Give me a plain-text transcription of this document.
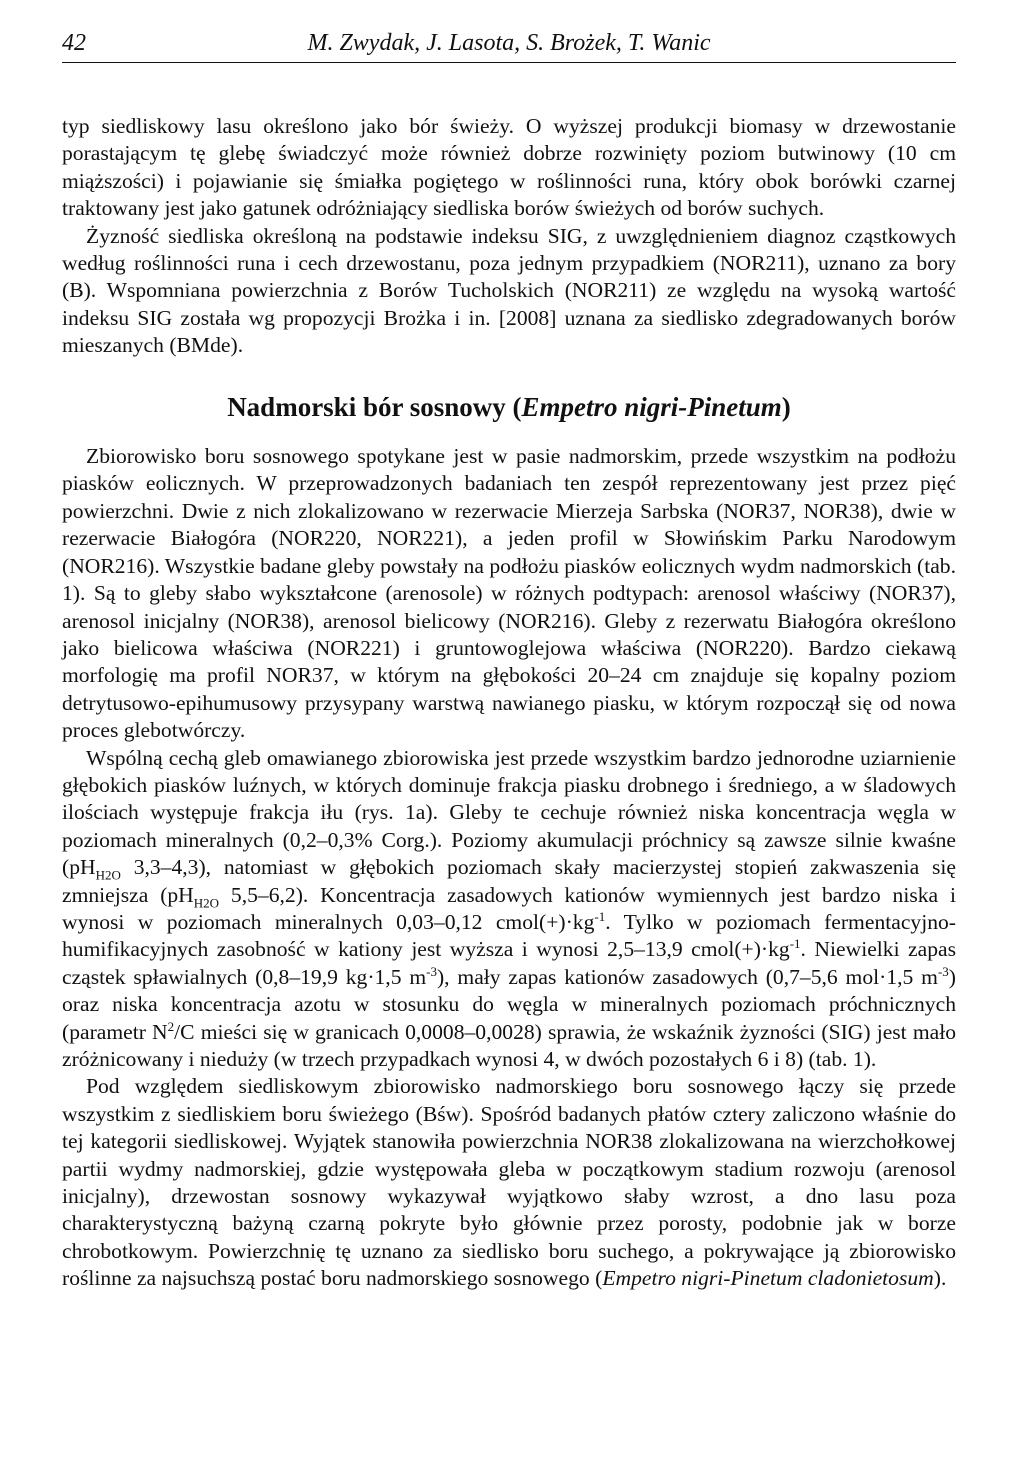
42	M. Zwydak, J. Lasota, S. Brożek, T. Wanic

typ siedliskowy lasu określono jako bór świeży. O wyższej produkcji biomasy w drzewostanie porastającym tę glebę świadczyć może również dobrze rozwinięty poziom butwinowy (10 cm miąższości) i pojawianie się śmiałka pogiętego w roślinności runa, który obok borówki czarnej traktowany jest jako gatunek odróżniający siedliska borów świeżych od borów suchych.

Żyzność siedliska określoną na podstawie indeksu SIG, z uwzględnieniem diagnoz cząstkowych według roślinności runa i cech drzewostanu, poza jednym przypadkiem (NOR211), uznano za bory (B). Wspomniana powierzchnia z Borów Tucholskich (NOR211) ze względu na wysoką wartość indeksu SIG została wg propozycji Brożka i in. [2008] uznana za siedlisko zdegradowanych borów mieszanych (BMde).

Nadmorski bór sosnowy (Empetro nigri-Pinetum)

Zbiorowisko boru sosnowego spotykane jest w pasie nadmorskim, przede wszystkim na podłożu piasków eolicznych. W przeprowadzonych badaniach ten zespół reprezentowany jest przez pięć powierzchni. Dwie z nich zlokalizowano w rezerwacie Mierzeja Sarbska (NOR37, NOR38), dwie w rezerwacie Białogóra (NOR220, NOR221), a jeden profil w Słowińskim Parku Narodowym (NOR216). Wszystkie badane gleby powstały na podłożu piasków eolicznych wydm nadmorskich (tab. 1). Są to gleby słabo wykształcone (arenosole) w różnych podtypach: arenosol właściwy (NOR37), arenosol inicjalny (NOR38), arenosol bielicowy (NOR216). Gleby z rezerwatu Białogóra określono jako bielicowa właściwa (NOR221) i gruntowoglejowa właściwa (NOR220). Bardzo ciekawą morfologię ma profil NOR37, w którym na głębokości 20–24 cm znajduje się kopalny poziom detrytusowo-epihumusowy przysypany warstwą nawianego piasku, w którym rozpoczął się od nowa proces glebotwórczy.

Wspólną cechą gleb omawianego zbiorowiska jest przede wszystkim bardzo jednorodne uziarnienie głębokich piasków luźnych, w których dominuje frakcja piasku drobnego i średniego, a w śladowych ilościach występuje frakcja iłu (rys. 1a). Gleby te cechuje również niska koncentracja węgla w poziomach mineralnych (0,2–0,3% Corg.). Poziomy akumulacji próchnicy są zawsze silnie kwaśne ($pH_{H2O}$ 3,3–4,3), natomiast w głębokich poziomach skały macierzystej stopień zakwaszenia się zmniejsza ($pH_{H2O}$ 5,5–6,2). Koncentracja zasadowych kationów wymiennych jest bardzo niska i wynosi w poziomach mineralnych 0,03–0,12 $cmol(+)\cdot kg^{-1}$. Tylko w poziomach fermentacyjno-humifikacyjnych zasobność w kationy jest wyższa i wynosi 2,5–13,9 $cmol(+)\cdot kg^{-1}$. Niewielki zapas cząstek spławialnych (0,8–19,9 kg·1,5 $m^{-3}$), mały zapas kationów zasadowych (0,7–5,6 mol·1,5 $m^{-3}$) oraz niska koncentracja azotu w stosunku do węgla w mineralnych poziomach próchnicznych (parametr $N^2/C$ mieści się w granicach 0,0008–0,0028) sprawia, że wskaźnik żyzności (SIG) jest mało zróżnicowany i nieduży (w trzech przypadkach wynosi 4, w dwóch pozostałych 6 i 8) (tab. 1).

Pod względem siedliskowym zbiorowisko nadmorskiego boru sosnowego łączy się przede wszystkim z siedliskiem boru świeżego (Bśw). Spośród badanych płatów cztery zaliczono właśnie do tej kategorii siedliskowej. Wyjątek stanowiła powierzchnia NOR38 zlokalizowana na wierzchołkowej partii wydmy nadmorskiej, gdzie występowała gleba w początkowym stadium rozwoju (arenosol inicjalny), drzewostan sosnowy wykazywał wyjątkowo słaby wzrost, a dno lasu poza charakterystyczną bażyną czarną pokryte było głównie przez porosty, podobnie jak w borze chrobotkowym. Powierzchnię tę uznano za siedlisko boru suchego, a pokrywające ją zbiorowisko roślinne za najsuchszą postać boru nadmorskiego sosnowego (Empetro nigri-Pinetum cladonietosum).
